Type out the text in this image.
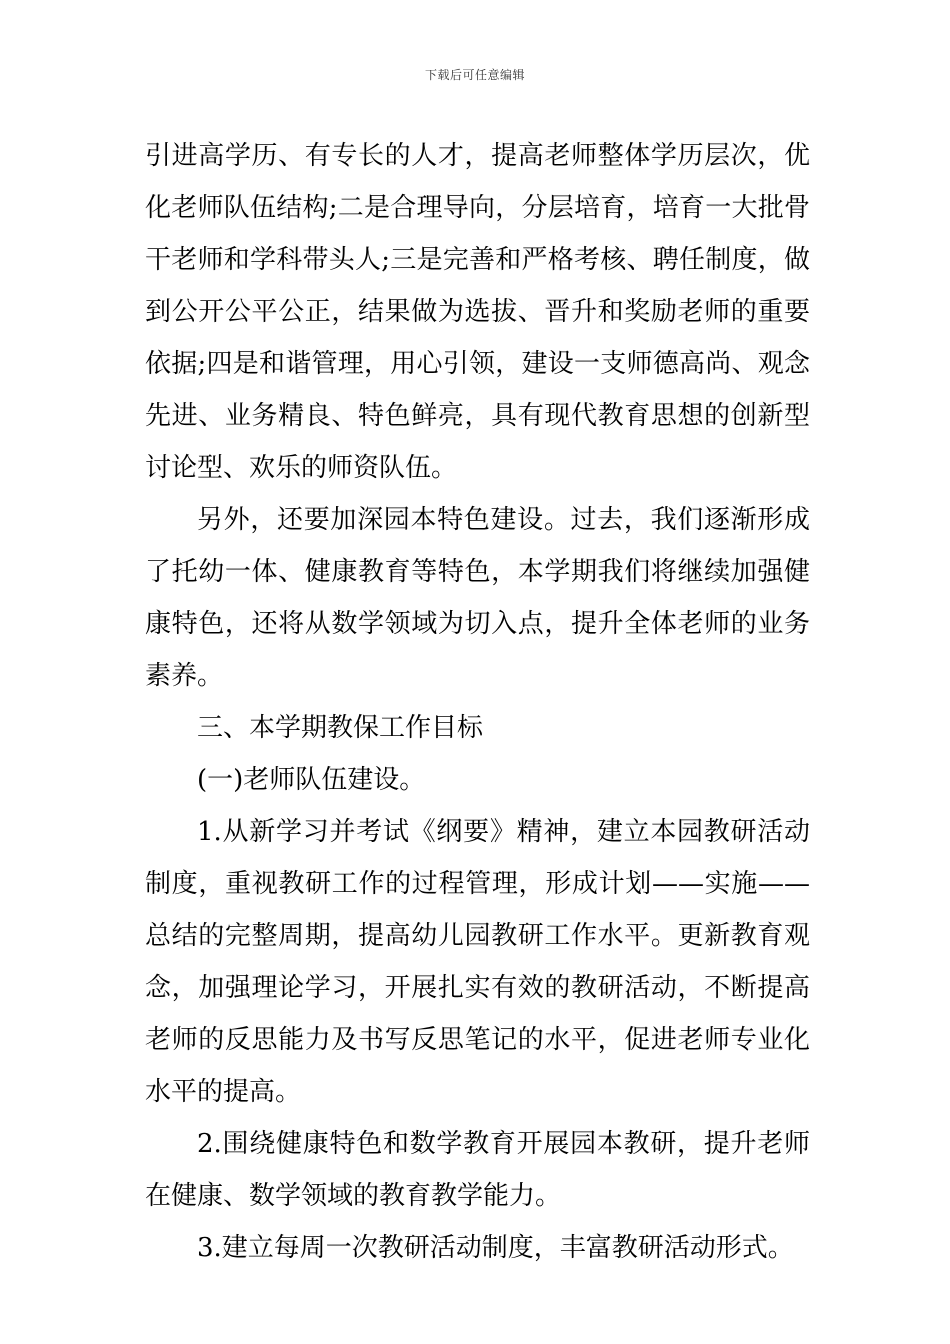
下载后可任意编辑

引进高学历、有专长的人才，提高老师整体学历层次，优化老师队伍结构;二是合理导向，分层培育，培育一大批骨干老师和学科带头人;三是完善和严格考核、聘任制度，做到公开公平公正，结果做为选拔、晋升和奖励老师的重要依据;四是和谐管理，用心引领，建设一支师德高尚、观念先进、业务精良、特色鲜亮，具有现代教育思想的创新型讨论型、欢乐的师资队伍。

另外，还要加深园本特色建设。过去，我们逐渐形成了托幼一体、健康教育等特色，本学期我们将继续加强健康特色，还将从数学领域为切入点，提升全体老师的业务素养。

三、本学期教保工作目标

(一)老师队伍建设。

1.从新学习并考试《纲要》精神，建立本园教研活动制度，重视教研工作的过程管理，形成计划——实施——总结的完整周期，提高幼儿园教研工作水平。更新教育观念，加强理论学习，开展扎实有效的教研活动，不断提高老师的反思能力及书写反思笔记的水平，促进老师专业化水平的提高。

2.围绕健康特色和数学教育开展园本教研，提升老师在健康、数学领域的教育教学能力。

3.建立每周一次教研活动制度，丰富教研活动形式。
